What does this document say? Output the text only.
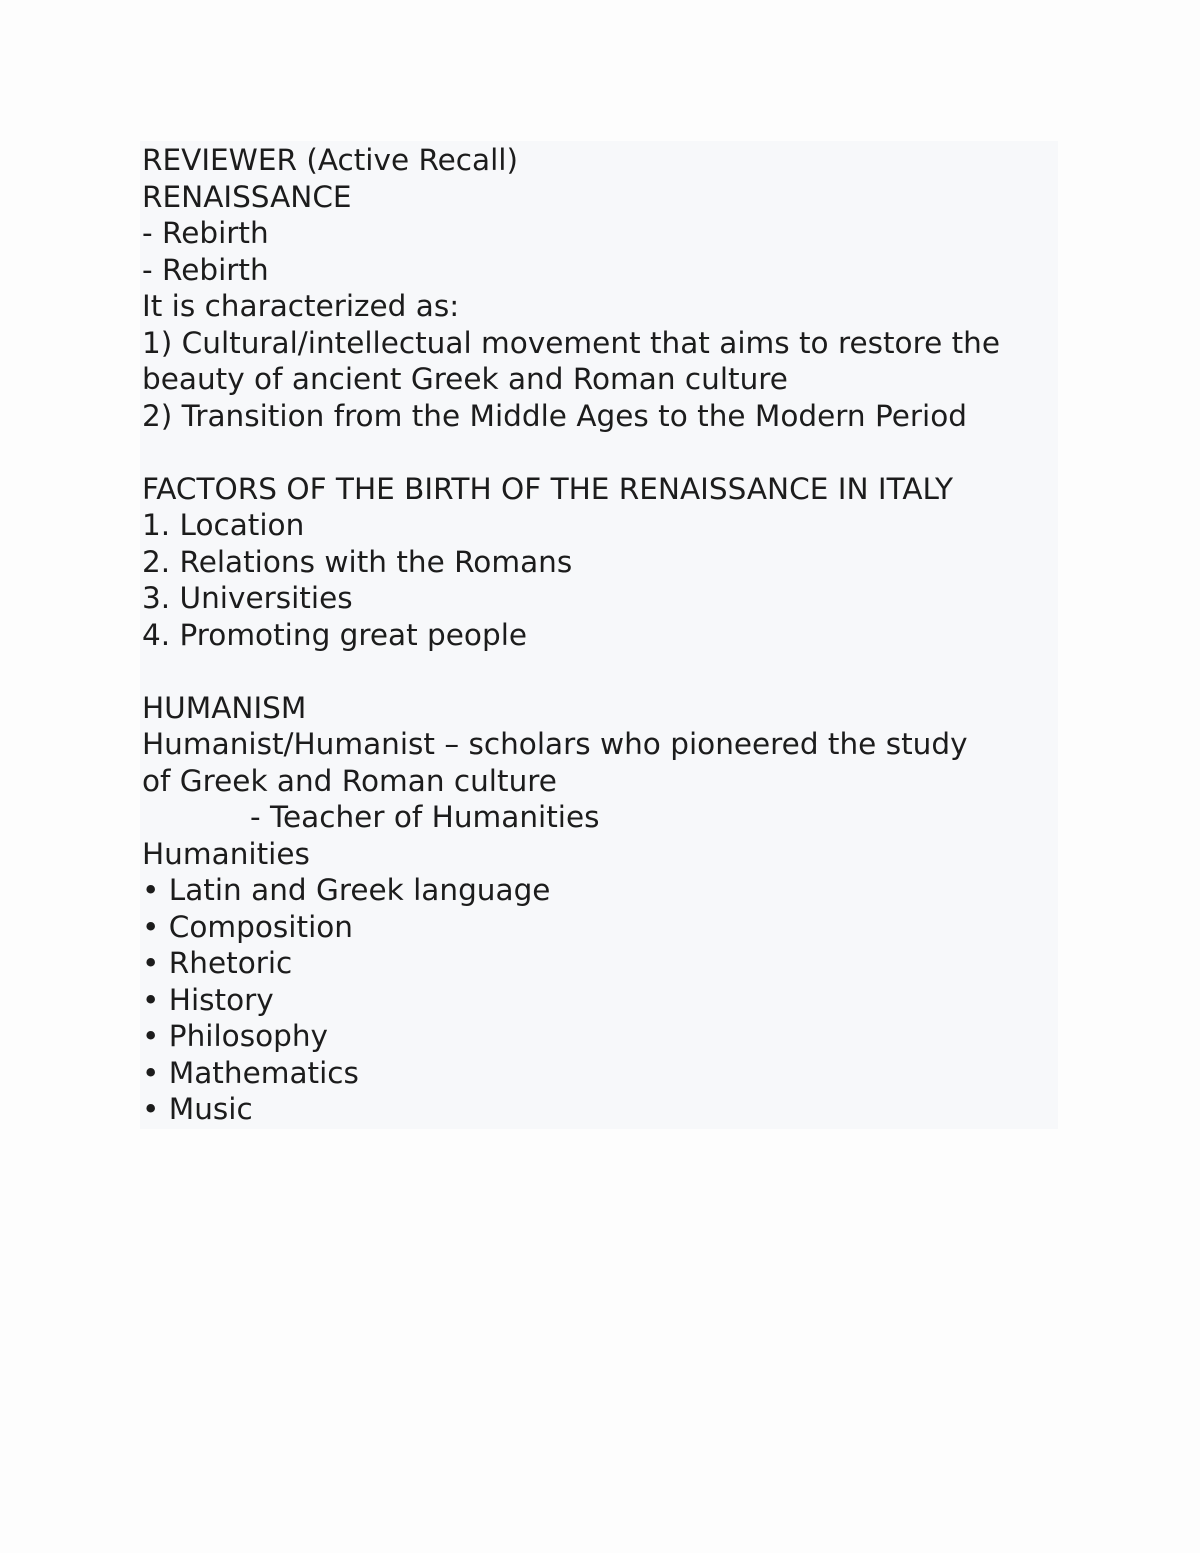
REVIEWER (Active Recall)

RENAISSANCE

- Rebirth

- Rebirth

It is characterized as:

1) Cultural/intellectual movement that aims to restore the

beauty of ancient Greek and Roman culture

2) Transition from the Middle Ages to the Modern Period

FACTORS OF THE BIRTH OF THE RENAISSANCE IN ITALY

1. Location

2. Relations with the Romans

3. Universities

4. Promoting great people

HUMANISM

Humanist/Humanist – scholars who pioneered the study

of Greek and Roman culture

- Teacher of Humanities

Humanities

• Latin and Greek language

• Composition

• Rhetoric

• History

• Philosophy

• Mathematics

• Music
